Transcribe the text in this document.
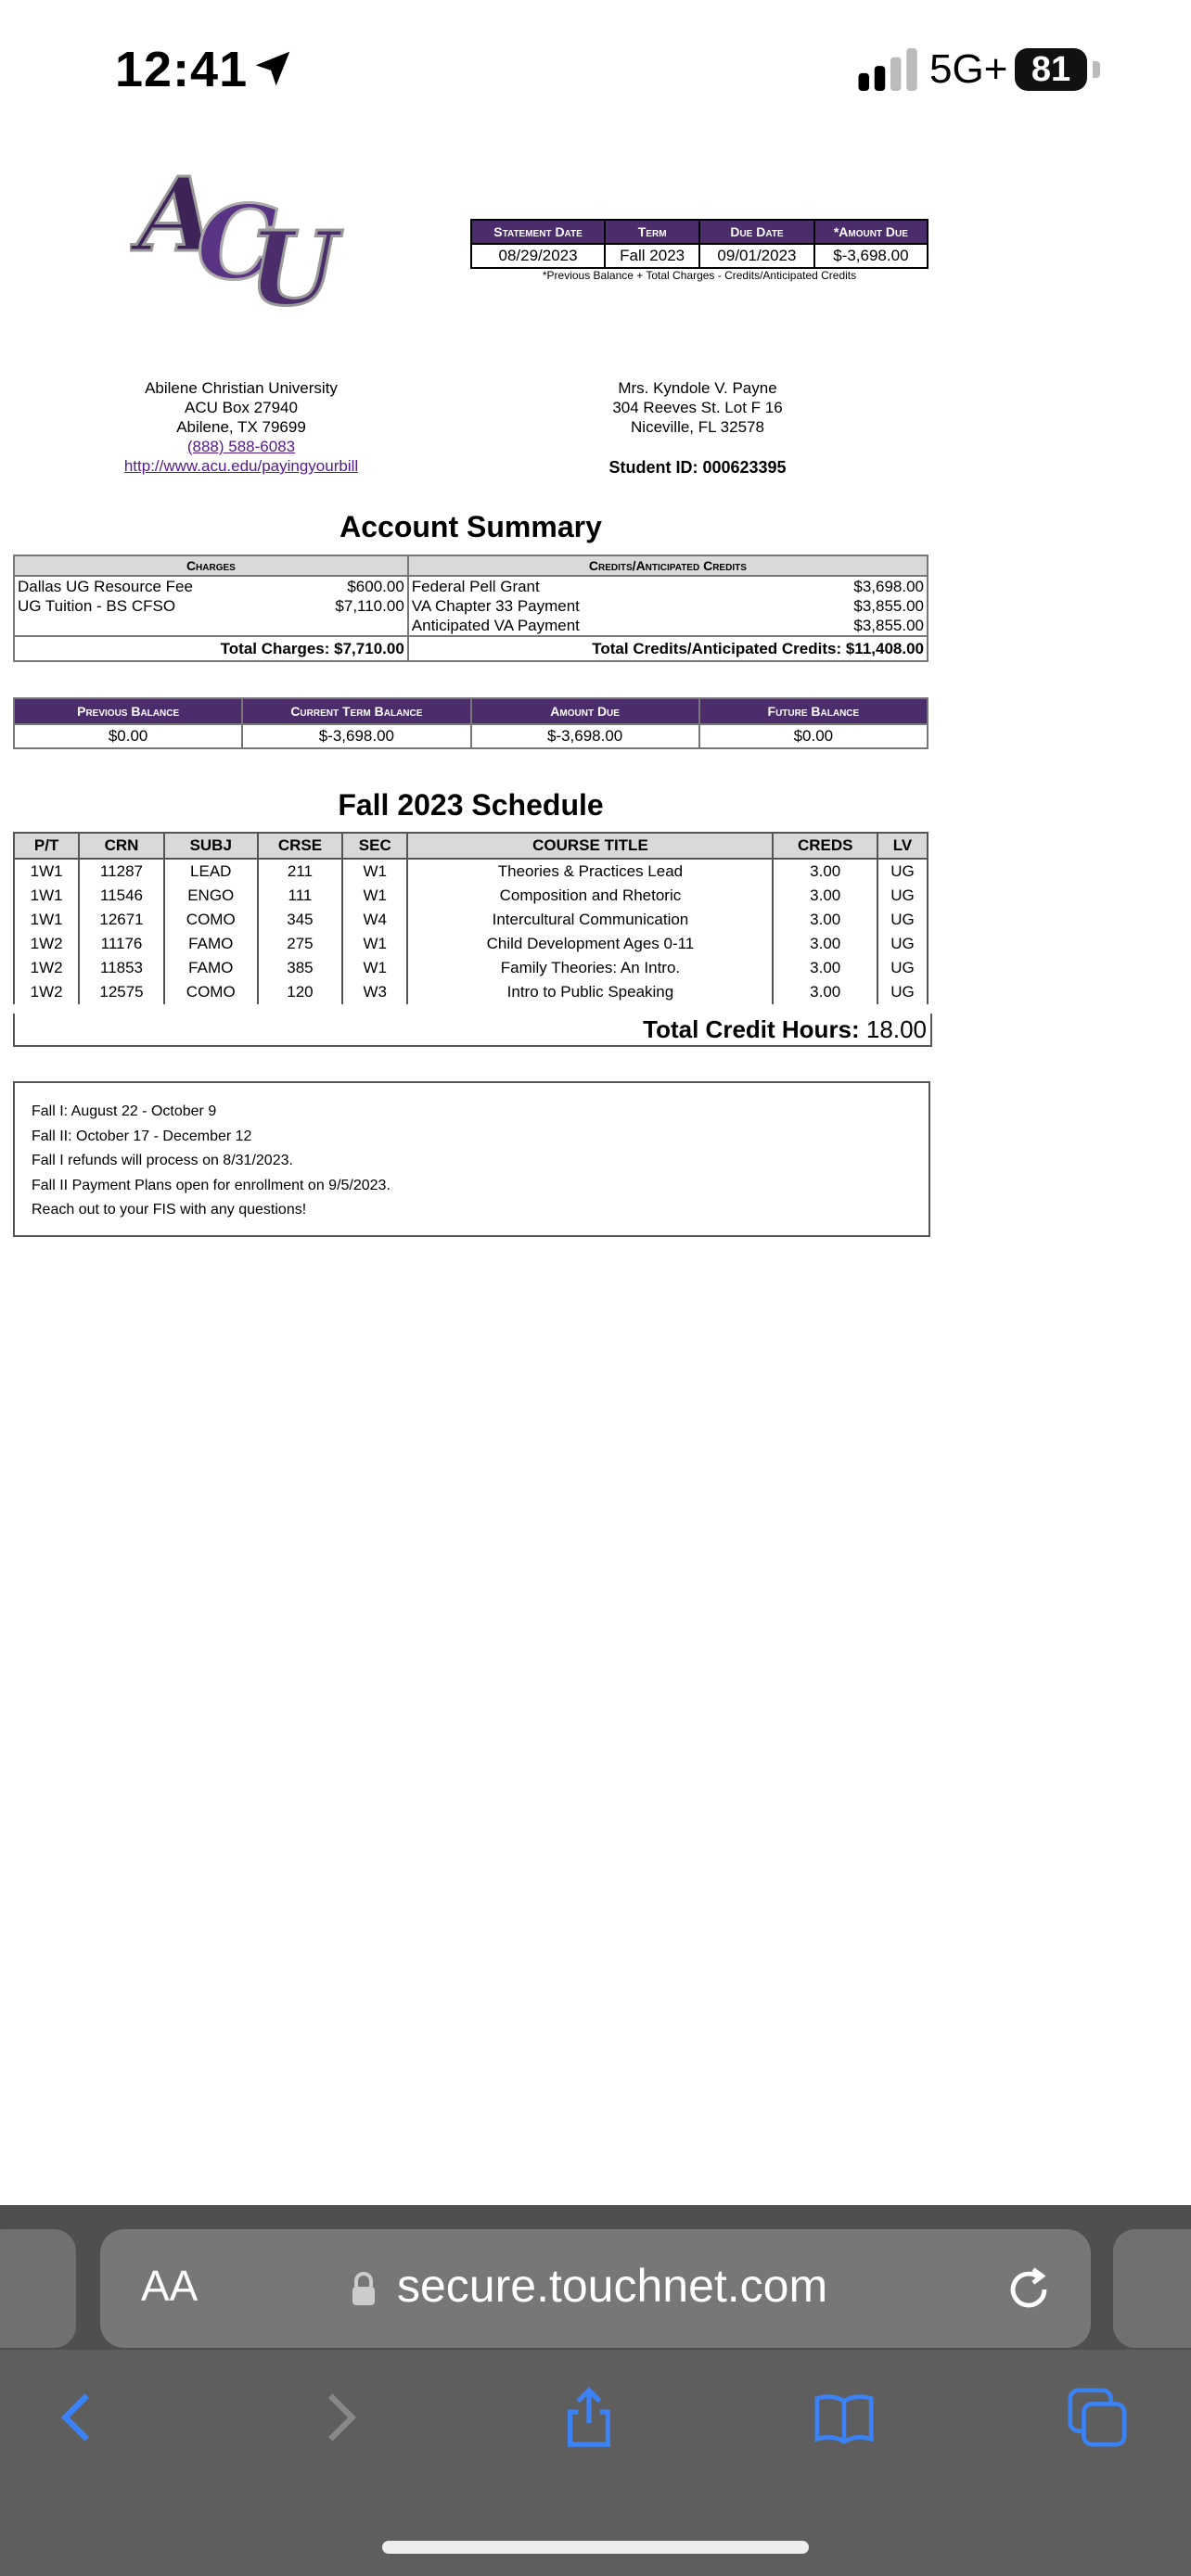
12:41	5G+ 81
A
C
U	Statement Date	Term	Due Date	*Amount Due
08/29/2023	Fall 2023	09/01/2023	$-3,698.00
*Previous Balance + Total Charges - Credits/Anticipated Credits
Abilene Christian University
ACU Box 27940
Abilene, TX 79699
(888) 588-6083
http://www.acu.edu/payingyourbill
Mrs. Kyndole V. Payne
304 Reeves St. Lot F 16
Niceville, FL 32578
Student ID: 000623395
Account Summary
Charges		Credits/Anticipated Credits	
Dallas UG Resource Fee	$600.00	Federal Pell Grant	$3,698.00
UG Tuition - BS CFSO	$7,110.00	VA Chapter 33 Payment	$3,855.00
		Anticipated VA Payment	$3,855.00
Total Charges: $7,710.00		Total Credits/Anticipated Credits: $11,408.00	
Previous Balance	Current Term Balance	Amount Due	Future Balance
$0.00	$-3,698.00	$-3,698.00	$0.00
Fall 2023 Schedule
P/T	CRN	SUBJ	CRSE	SEC	COURSE TITLE	CREDS	LV
1W1	11287	LEAD	211	W1	Theories & Practices Lead	3.00	UG
1W1	11546	ENGO	111	W1	Composition and Rhetoric	3.00	UG
1W1	12671	COMO	345	W4	Intercultural Communication	3.00	UG
1W2	11176	FAMO	275	W1	Child Development Ages 0-11	3.00	UG
1W2	11853	FAMO	385	W1	Family Theories: An Intro.	3.00	UG
1W2	12575	COMO	120	W3	Intro to Public Speaking	3.00	UG
Total Credit Hours: 18.00
Fall I: August 22 - October 9
Fall II: October 17 - December 12
Fall I refunds will process on 8/31/2023.
Fall II Payment Plans open for enrollment on 9/5/2023.
Reach out to your FIS with any questions!
AA	secure.touchnet.com
